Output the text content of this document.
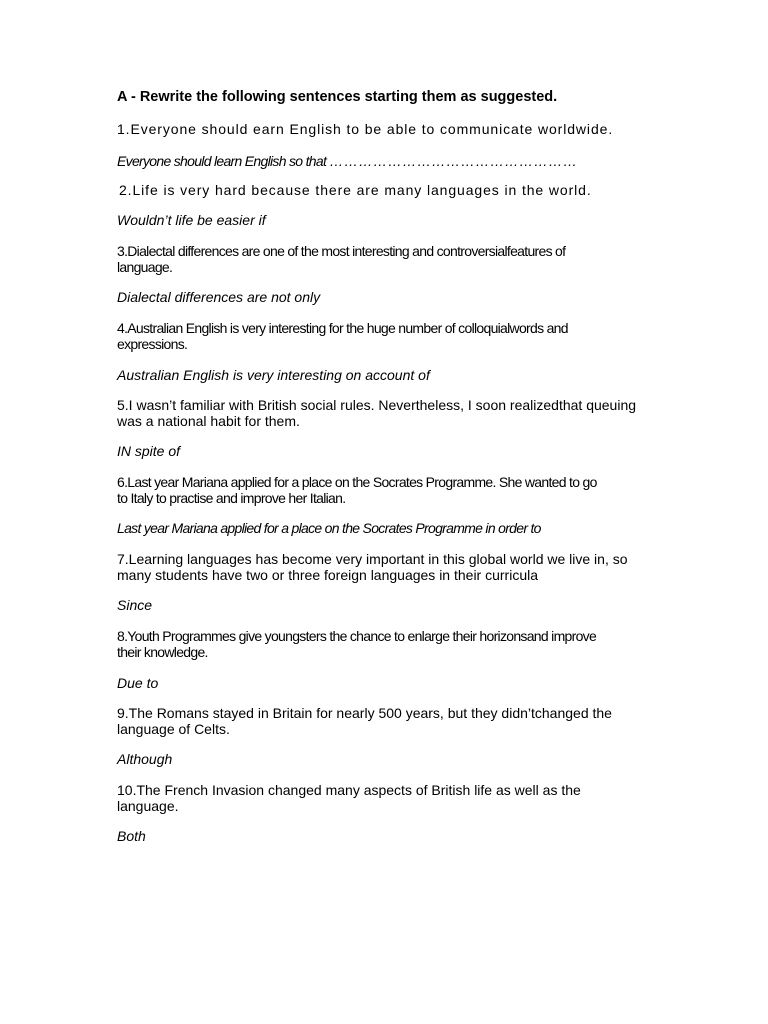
A - Rewrite the following sentences starting them as suggested.

1.Everyone should earn English to be able to communicate worldwide.

Everyone should learn English so that ……………………………………………

2.Life is very hard because there are many languages in the world.

Wouldn’t life be easier if

3.Dialectal differences are one of the most interesting and controversialfeatures of

language.

Dialectal differences are not only

4.Australian English is very interesting for the huge number of colloquialwords and

expressions.

Australian English is very interesting on account of

5.I wasn’t familiar with British social rules. Nevertheless, I soon realizedthat queuing

was a national habit for them.

IN spite of

6.Last year Mariana applied for a place on the Socrates Programme. She wanted to go

to Italy to practise and improve her Italian.

Last year Mariana applied for a place on the Socrates Programme in order to

7.Learning languages has become very important in this global world we live in, so

many students have two or three foreign languages in their curricula

Since

8.Youth Programmes give youngsters the chance to enlarge their horizonsand improve

their knowledge.

Due to

9.The Romans stayed in Britain for nearly 500 years, but they didn’tchanged the

language of Celts.

Although

10.The French Invasion changed many aspects of British life as well as the

language.

Both
